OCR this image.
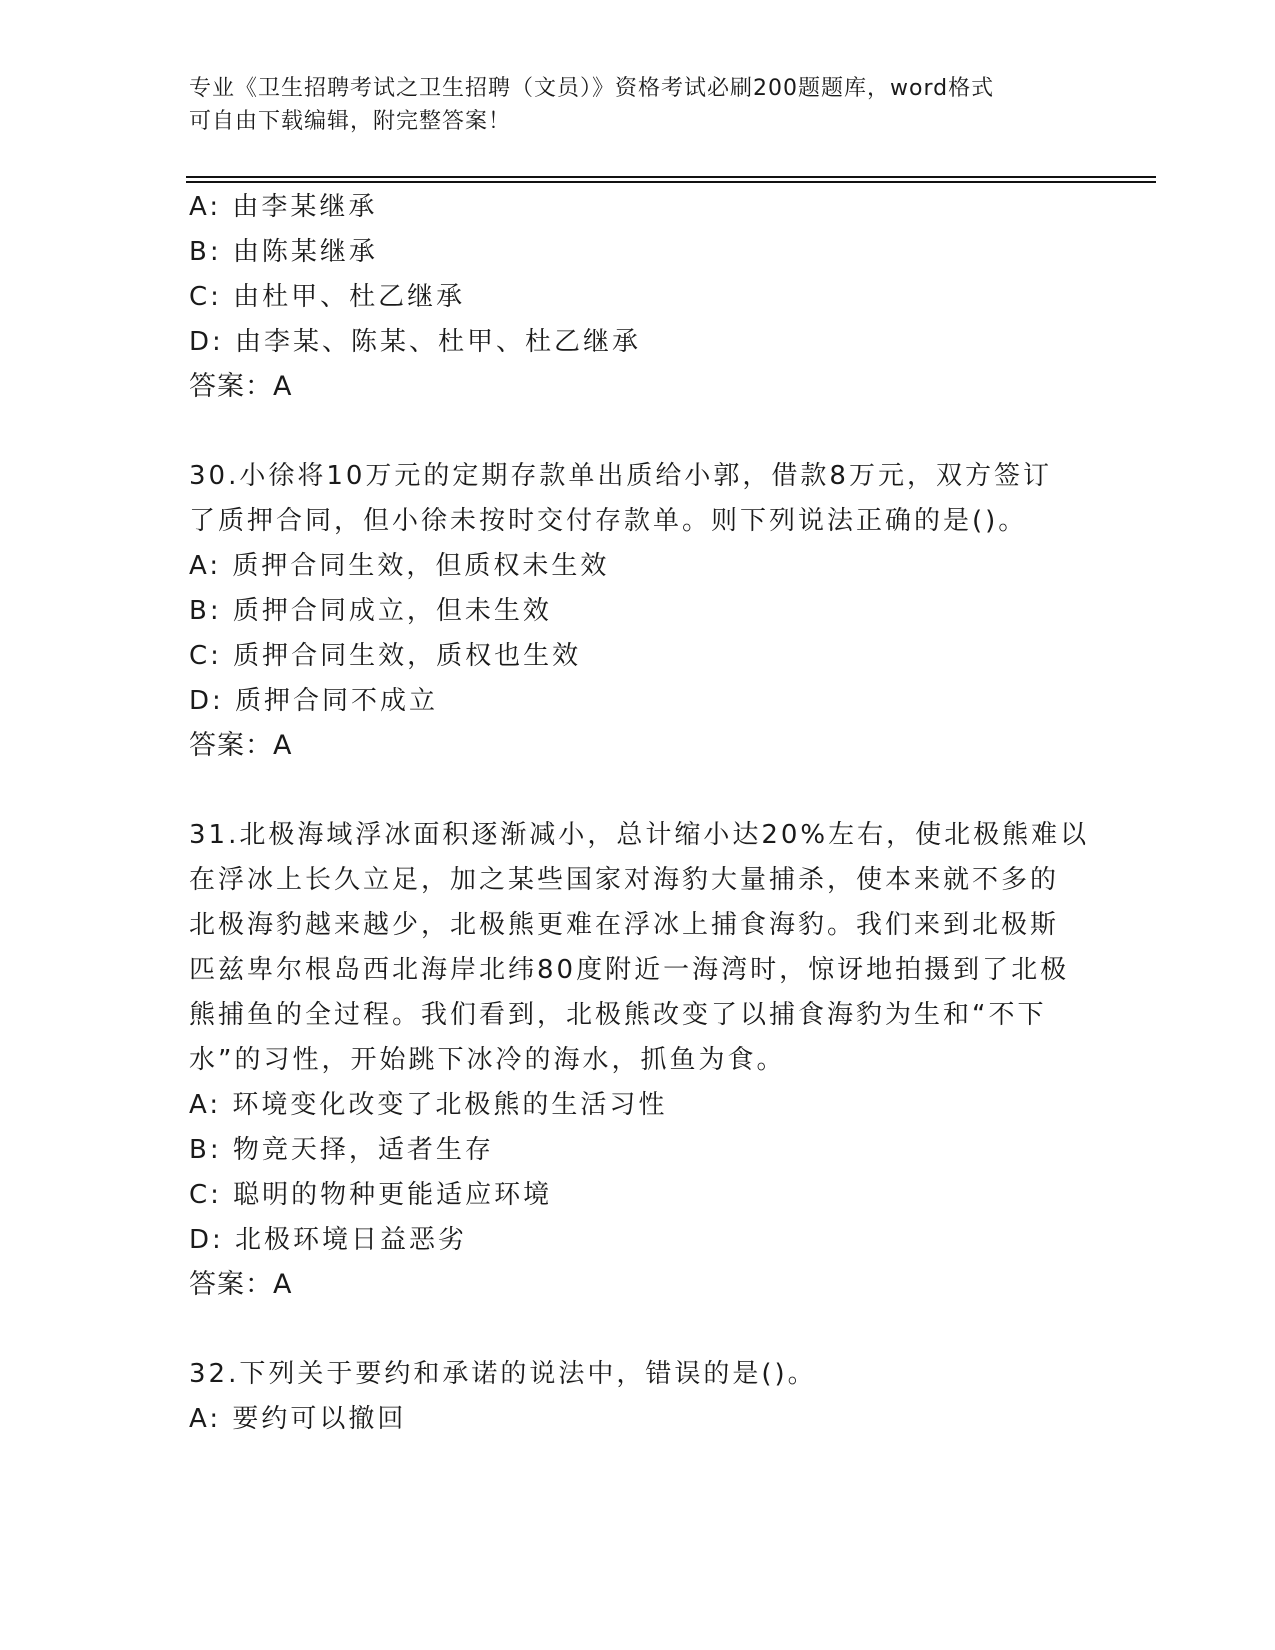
专业《卫生招聘考试之卫生招聘（文员）》资格考试必刷200题题库，word格式
可自由下载编辑，附完整答案！
A: 由李某继承
B: 由陈某继承
C: 由杜甲、杜乙继承
D: 由李某、陈某、杜甲、杜乙继承
答案：A
30.小徐将10万元的定期存款单出质给小郭，借款8万元，双方签订
了质押合同，但小徐未按时交付存款单。则下列说法正确的是()。
A: 质押合同生效，但质权未生效
B: 质押合同成立，但未生效
C: 质押合同生效，质权也生效
D: 质押合同不成立
答案：A
31.北极海域浮冰面积逐渐减小，总计缩小达20%左右，使北极熊难以
在浮冰上长久立足，加之某些国家对海豹大量捕杀，使本来就不多的
北极海豹越来越少，北极熊更难在浮冰上捕食海豹。我们来到北极斯
匹兹卑尔根岛西北海岸北纬80度附近一海湾时，惊讶地拍摄到了北极
熊捕鱼的全过程。我们看到，北极熊改变了以捕食海豹为生和“不下
水”的习性，开始跳下冰冷的海水，抓鱼为食。
A: 环境变化改变了北极熊的生活习性
B: 物竞天择，适者生存
C: 聪明的物种更能适应环境
D: 北极环境日益恶劣
答案：A
32.下列关于要约和承诺的说法中，错误的是()。
A: 要约可以撤回
